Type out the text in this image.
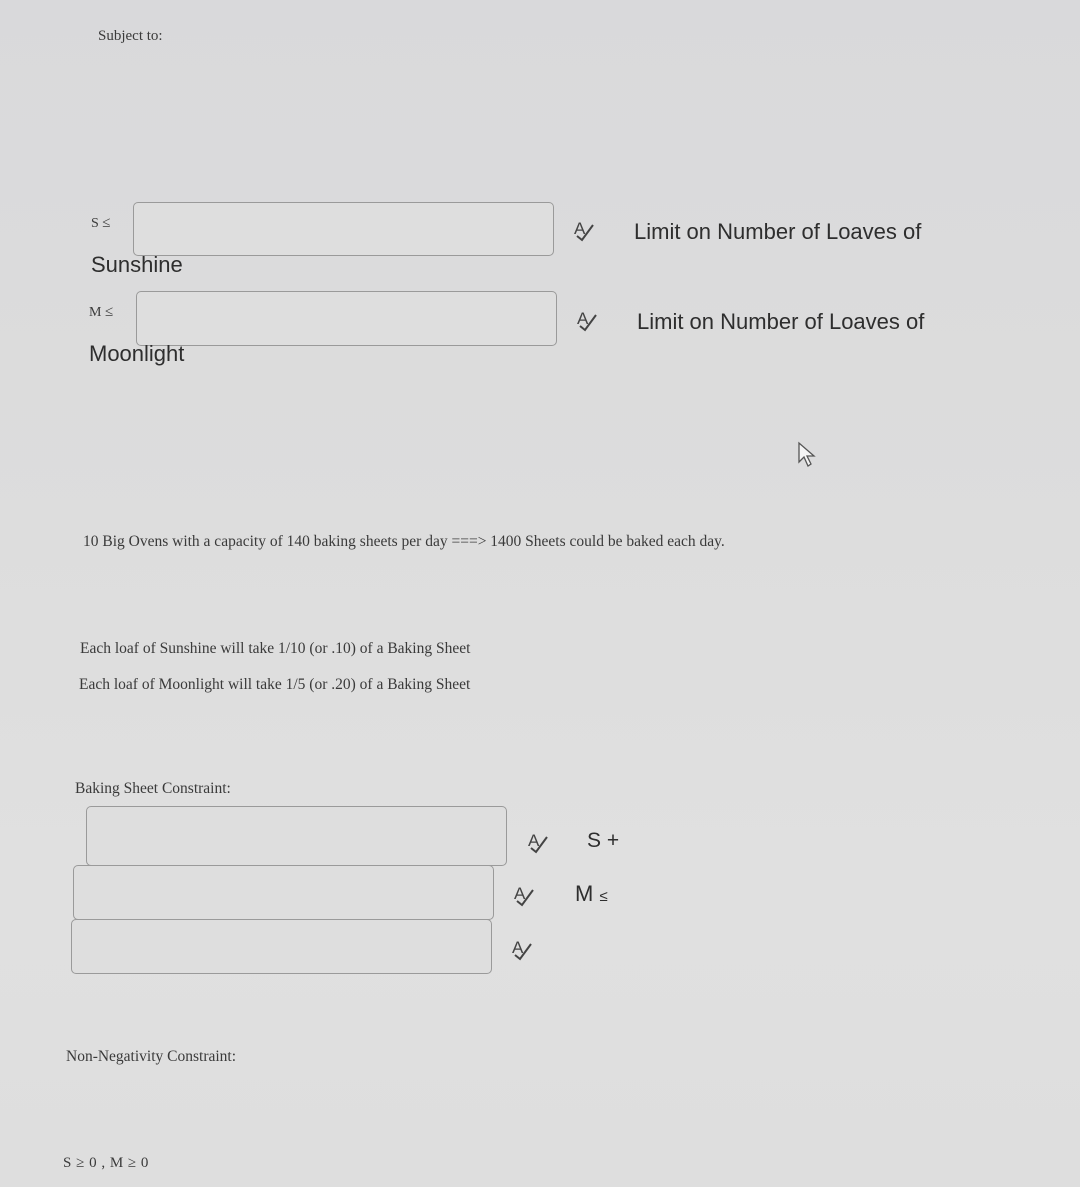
Subject to:
S ≤	A Limit on Number of Loaves of
Sunshine
M ≤	A Limit on Number of Loaves of
Moonlight
10 Big Ovens with a capacity of 140 baking sheets per day ===> 1400 Sheets could be baked each day.
Each loaf of Sunshine will take 1/10 (or .10) of a Baking Sheet
Each loaf of Moonlight will take 1/5 (or .20) of a Baking Sheet
Baking Sheet Constraint:
A S +
A M ≤
A
Non-Negativity Constraint:
S ≥ 0 , M ≥ 0
